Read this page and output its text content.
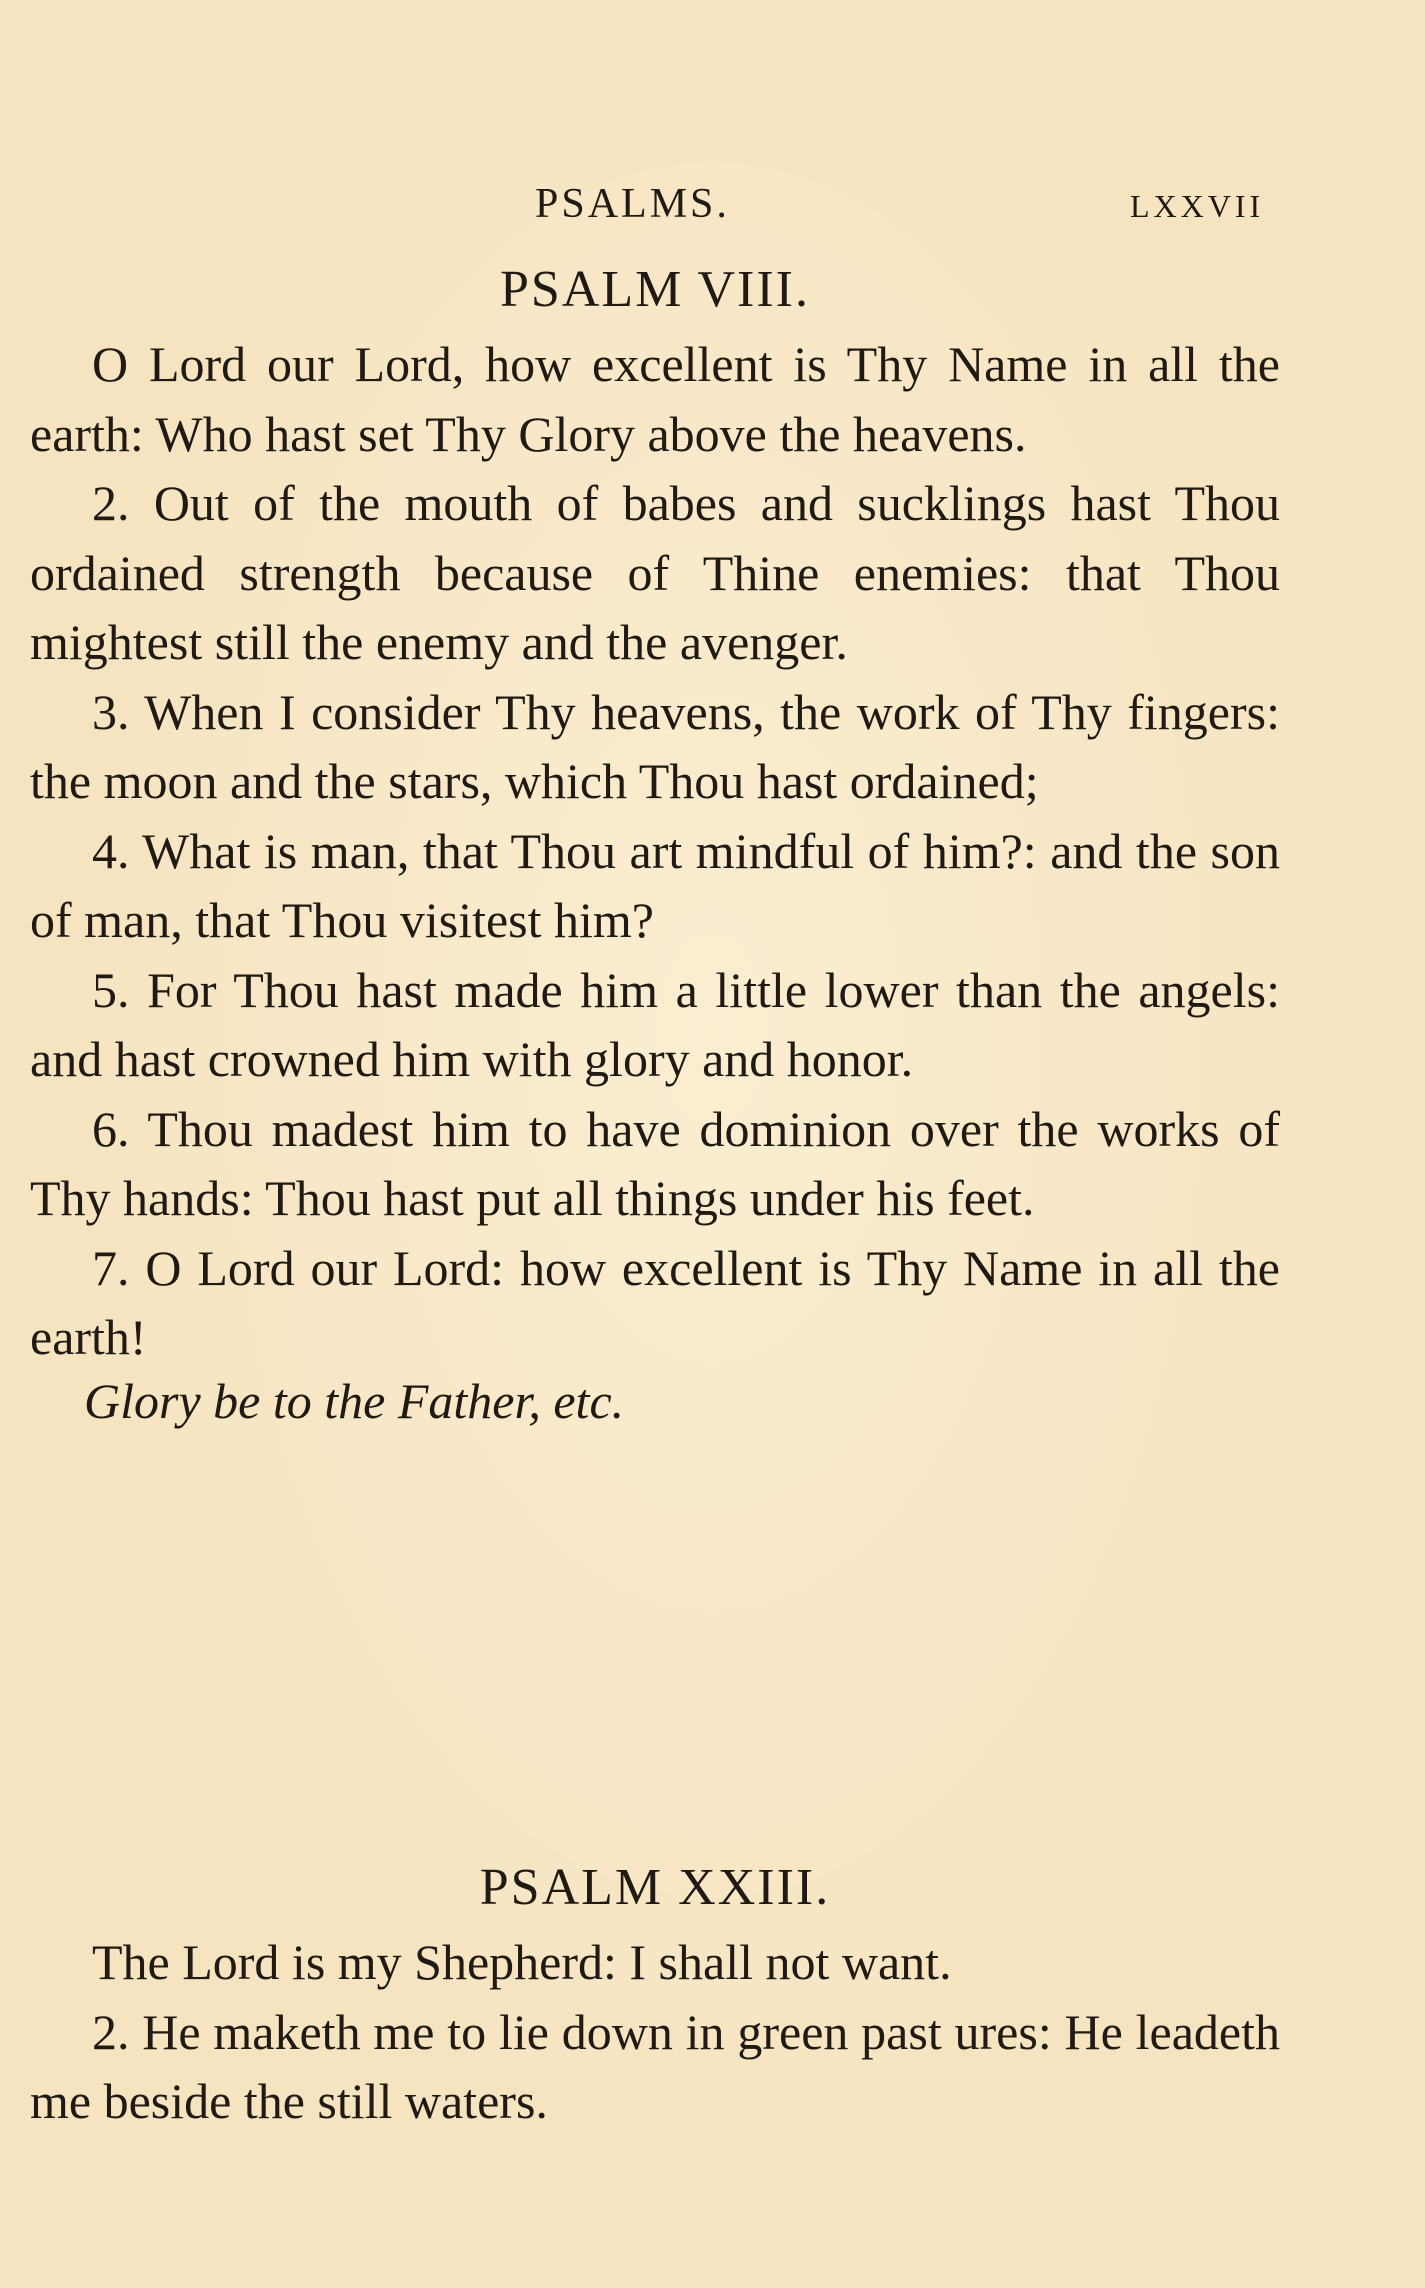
PSALMS.	LXXVII
PSALM VIII.

O Lord our Lord, how excellent is Thy Name in all the earth: Who hast set Thy Glory above the heavens.

2. Out of the mouth of babes and sucklings hast Thou ordained strength because of Thine enemies: that Thou mightest still the enemy and the avenger.

3. When I consider Thy heavens, the work of Thy fingers: the moon and the stars, which Thou hast ordained;

4. What is man, that Thou art mindful of him?: and the son of man, that Thou visitest him?

5. For Thou hast made him a little lower than the angels: and hast crowned him with glory and honor.

6. Thou madest him to have dominion over the works of Thy hands: Thou hast put all things under his feet.

7. O Lord our Lord: how excellent is Thy Name in all the earth!

Glory be to the Father, etc.

PSALM XXIII.

The Lord is my Shepherd: I shall not want.

2. He maketh me to lie down in green past ures: He leadeth me beside the still waters.
